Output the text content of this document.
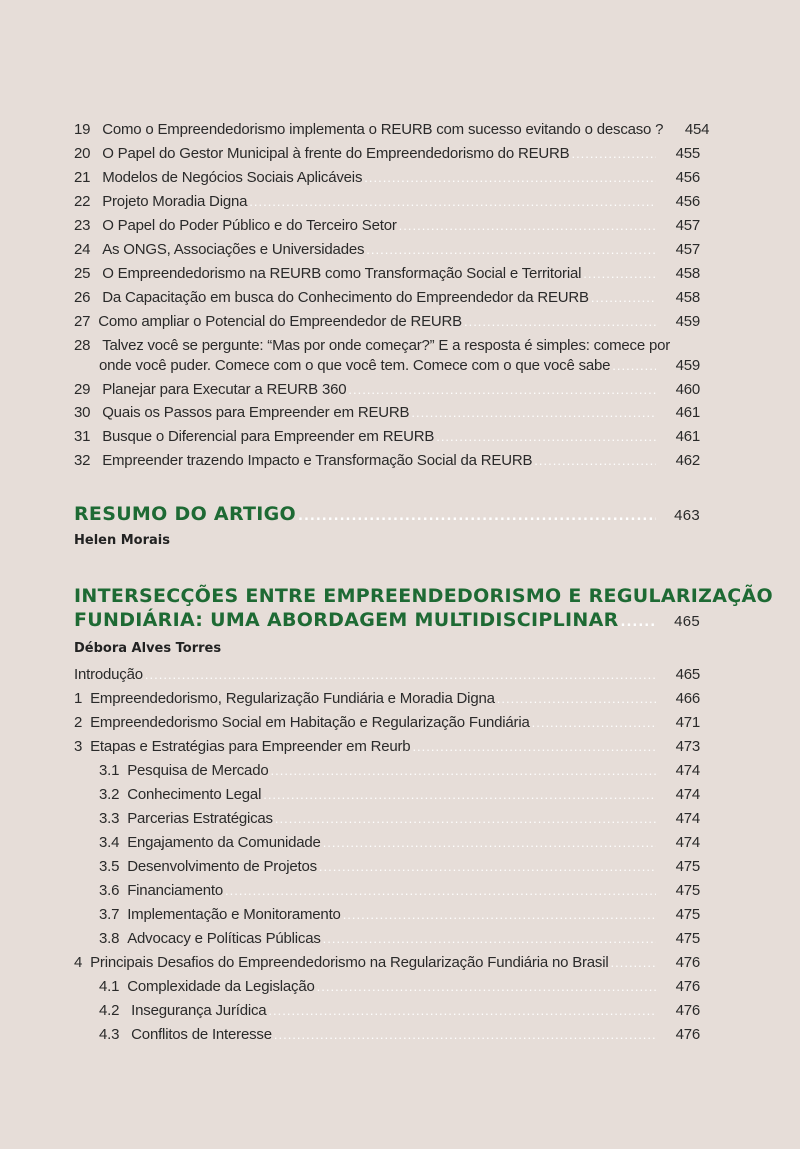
19
Como o Empreendedorismo implementa o REURB com sucesso evitando o descaso ?	454
20
O Papel do Gestor Municipal à frente do Empreendedorismo do REURB .....	455
21
Modelos de Negócios Sociais Aplicáveis .....	456
22
Projeto Moradia Digna .....	456
23
O Papel do Poder Público e do Terceiro Setor .....	457
24
As ONGS, Associações e Universidades .....	457
25
O Empreendedorismo na REURB como Transformação Social e Territorial .....	458
26
Da Capacitação em busca do Conhecimento do Empreendedor da REURB .....	458
27
Como ampliar o Potencial do Empreendedor de REURB .....	459
28
Talvez você se pergunte: “Mas por onde começar?” E a resposta é simples: comece por
onde você puder. Comece com o que você tem. Comece com o que você sabe .....	459
29
Planejar para Executar a REURB 360 .....	460
30
Quais os Passos para Empreender em REURB .....	461
31
Busque o Diferencial para Empreender em REURB .....	461
32
Empreender trazendo Impacto e Transformação Social da REURB .....	462
RESUMO DO ARTIGO .....	463
Helen Morais
INTERSECÇÕES ENTRE EMPREENDEDORISMO E REGULARIZAÇÃO
FUNDIÁRIA: UMA ABORDAGEM MULTIDISCIPLINAR .....	465
Débora Alves Torres
Introdução .....	465
1
Empreendedorismo, Regularização Fundiária e Moradia Digna .....	466
2
Empreendedorismo Social em Habitação e Regularização Fundiária .....	471
3
Etapas e Estratégias para Empreender em Reurb .....	473
3.1
Pesquisa de Mercado .....	474
3.2
Conhecimento Legal .....	474
3.3
Parcerias Estratégicas .....	474
3.4
Engajamento da Comunidade .....	474
3.5
Desenvolvimento de Projetos .....	475
3.6
Financiamento .....	475
3.7
Implementação e Monitoramento .....	475
3.8
Advocacy e Políticas Públicas .....	475
4
Principais Desafios do Empreendedorismo na Regularização Fundiária no Brasil .....	476
4.1
Complexidade da Legislação .....	476
4.2
Insegurança Jurídica .....	476
4.3
Conflitos de Interesse .....	476
